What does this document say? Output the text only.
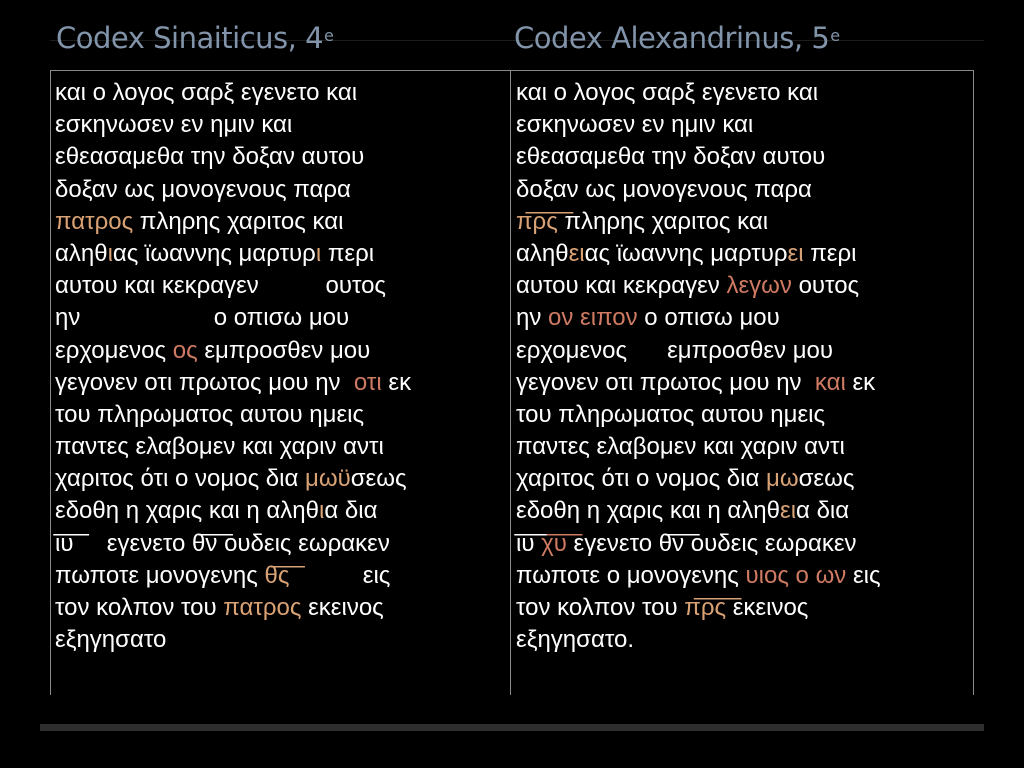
Codex Sinaiticus, 4e	Codex Alexandrinus, 5e
και ο λογος σαρξ εγενετο και
εσκηνωσεν εν ημιν και
εθεασαμεθα την δοξαν αυτου
δοξαν ως μονογενους παρα
πατρος πληρης χαριτος και
αληθιας ϊωαννης μαρτυρι περι
αυτου και κεκραγεν          ουτος
ην                    ο οπισω μου
ερχομενος ος εμπροσθεν μου
γεγονεν οτι πρωτος μου ην  οτι εκ
του πληρωματος αυτου ημεις
παντες ελαβομεν και χαριν αντι
χαριτος ότι ο νομος δια μωϋσεως
εδοθη η χαρις και η αληθια δια
ι͞υ͞     εγενετο θ͞ν͞ ουδεις εωρακεν
πωποτε μονογενης θ͞ς͞           εις
τον κολπον του πατρος εκεινος
εξηγησατο
και ο λογος σαρξ εγενετο και
εσκηνωσεν εν ημιν και
εθεασαμεθα την δοξαν αυτου
δοξαν ως μονογενους παρα
π͞ρ͞ς͞ πληρης χαριτος και
αληθειας ϊωαννης μαρτυρει περι
αυτου και κεκραγεν λεγων ουτος
ην ον ειπον ο οπισω μου
ερχομενος      εμπροσθεν μου
γεγονεν οτι πρωτος μου ην  και εκ
του πληρωματος αυτου ημεις
παντες ελαβομεν και χαριν αντι
χαριτος ότι ο νομος δια μωσεως
εδοθη η χαρις και η αληθεια δια
ι͞υ͞ χ͞υ͞ εγενετο θ͞ν͞ ουδεις εωρακεν
πωποτε ο μονογενης υιος ο ων εις
τον κολπον του π͞ρ͞ς͞ εκεινος
εξηγησατο.
